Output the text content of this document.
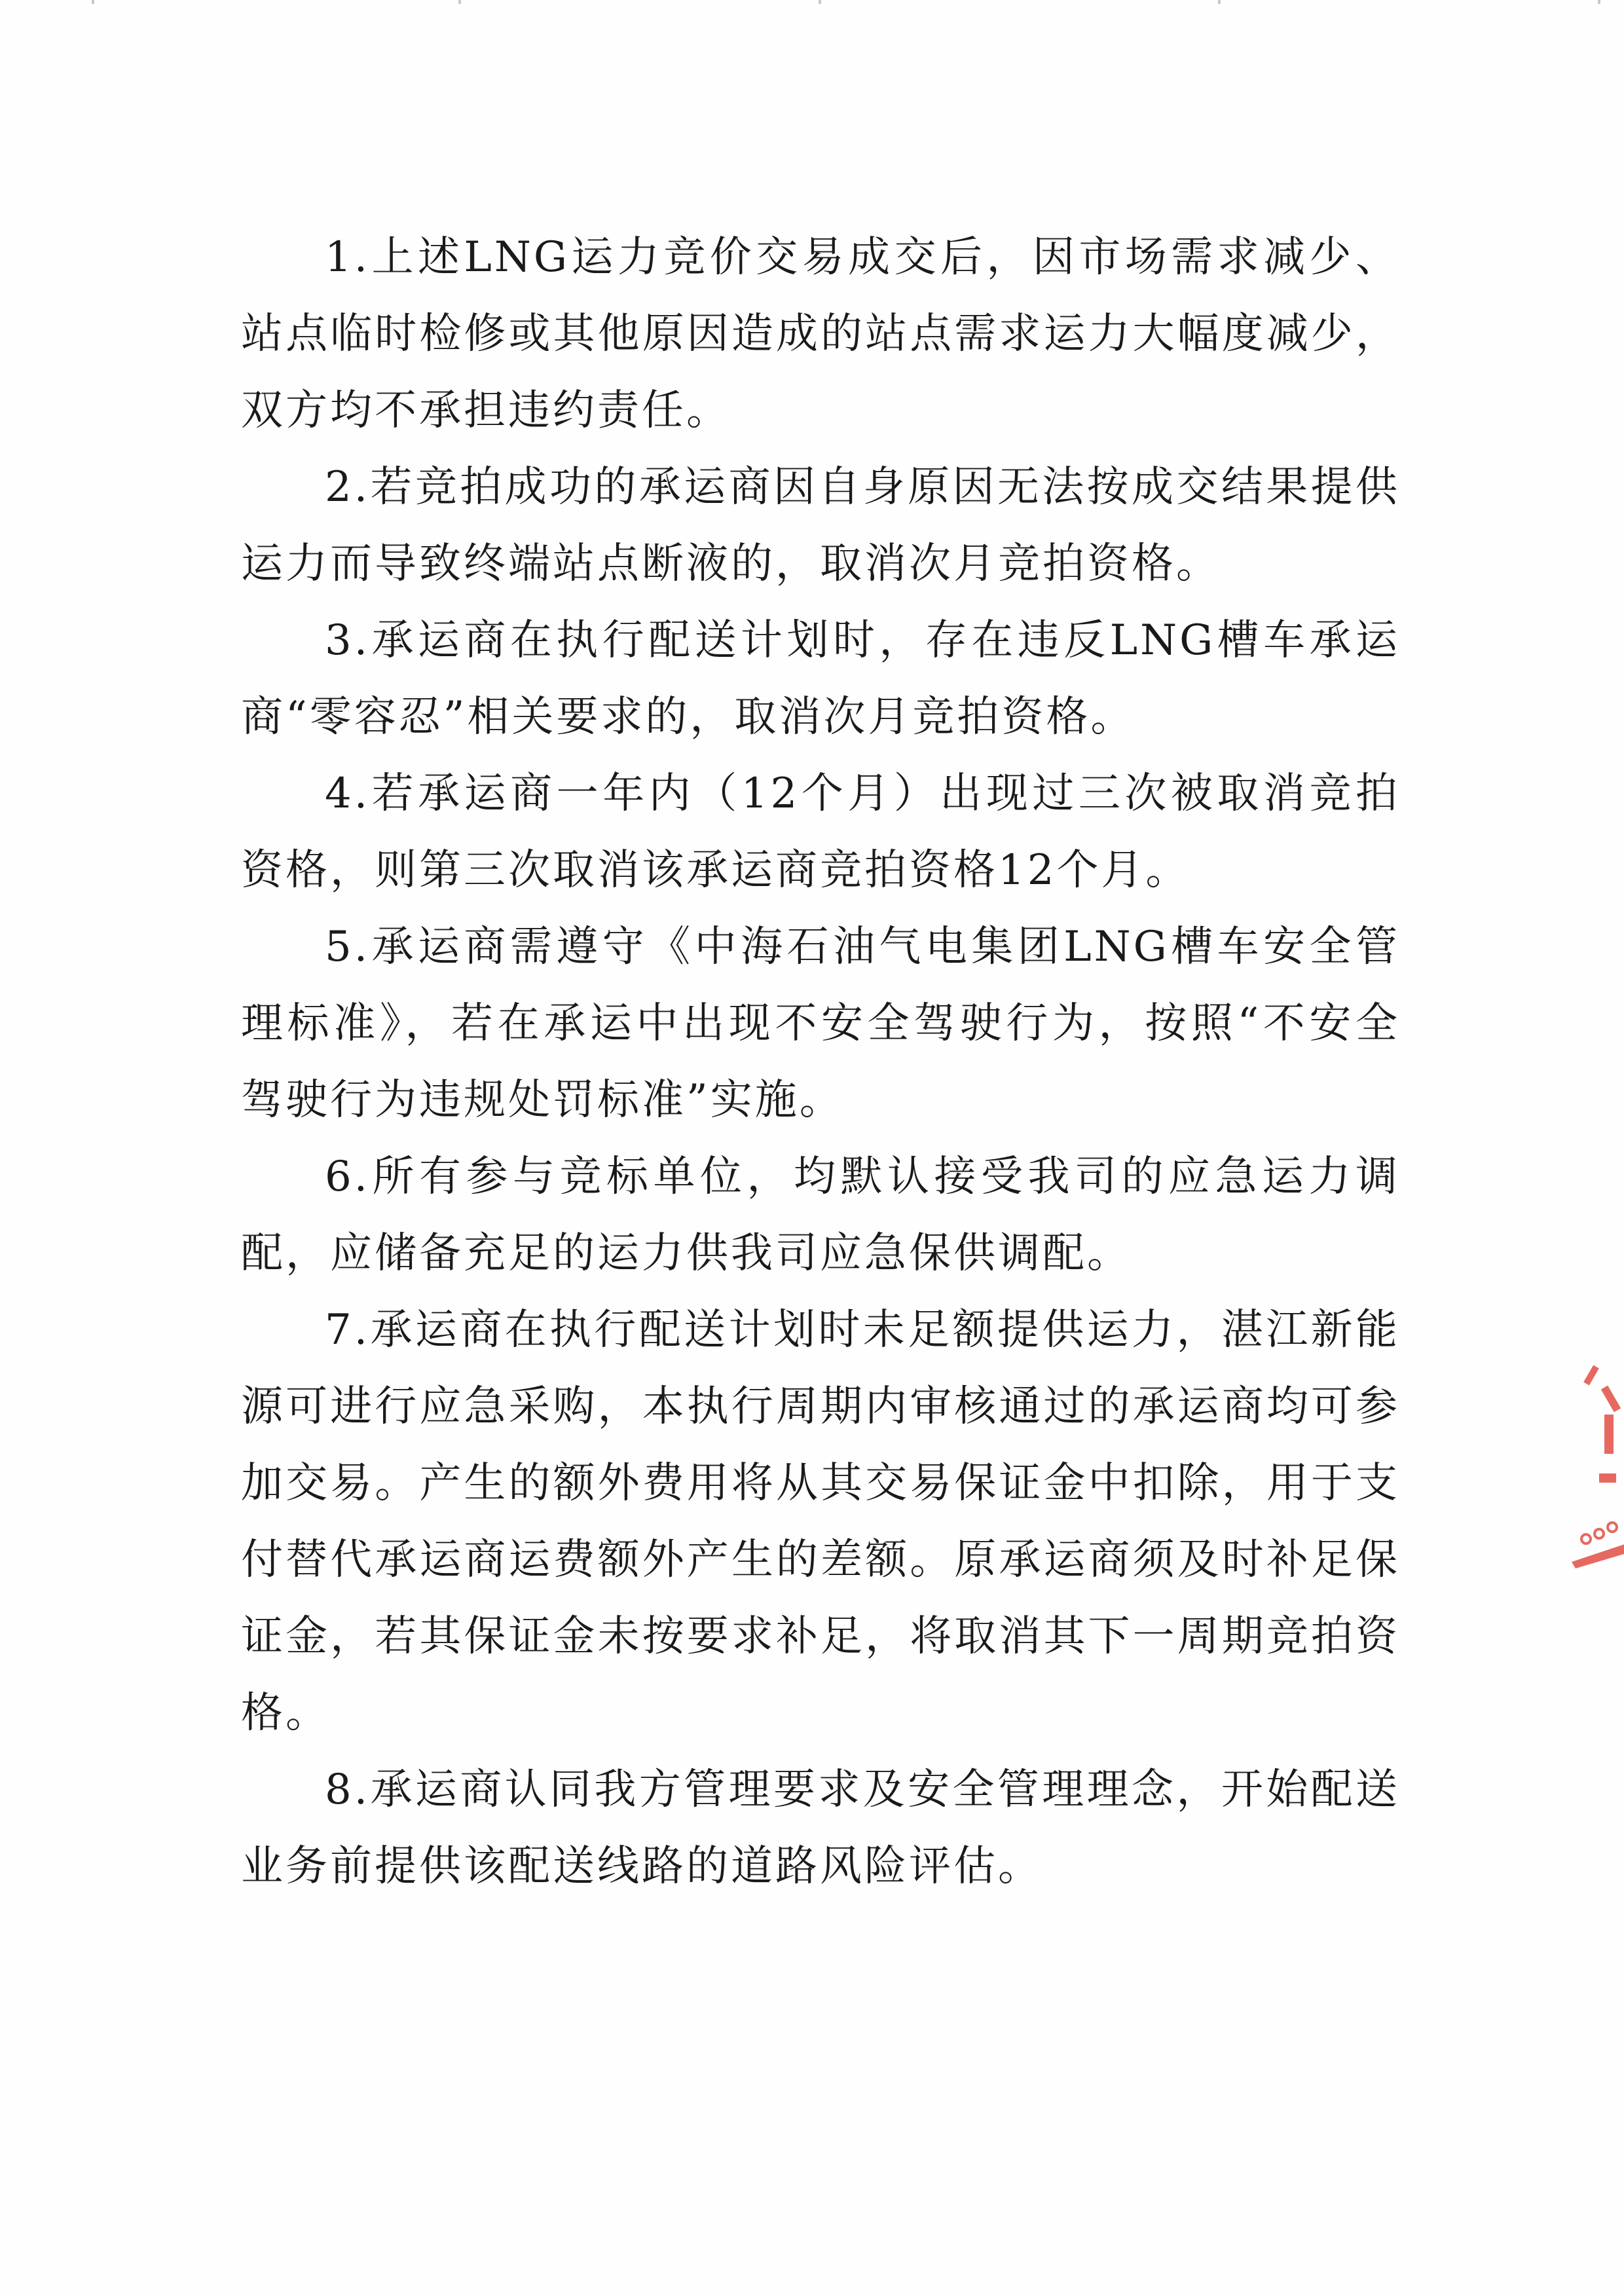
1.上述LNG运力竞价交易成交后，因市场需求减少、站点临时检修或其他原因造成的站点需求运力大幅度减少，双方均不承担违约责任。

2.若竞拍成功的承运商因自身原因无法按成交结果提供运力而导致终端站点断液的，取消次月竞拍资格。

3.承运商在执行配送计划时，存在违反LNG槽车承运商“零容忍”相关要求的，取消次月竞拍资格。

4.若承运商一年内（12个月）出现过三次被取消竞拍资格，则第三次取消该承运商竞拍资格12个月。

5.承运商需遵守《中海石油气电集团LNG槽车安全管理标准》，若在承运中出现不安全驾驶行为，按照“不安全驾驶行为违规处罚标准”实施。

6.所有参与竞标单位，均默认接受我司的应急运力调配，应储备充足的运力供我司应急保供调配。

7.承运商在执行配送计划时未足额提供运力，湛江新能源可进行应急采购，本执行周期内审核通过的承运商均可参加交易。产生的额外费用将从其交易保证金中扣除，用于支付替代承运商运费额外产生的差额。原承运商须及时补足保证金，若其保证金未按要求补足，将取消其下一周期竞拍资格。

8.承运商认同我方管理要求及安全管理理念，开始配送业务前提供该配送线路的道路风险评估。
